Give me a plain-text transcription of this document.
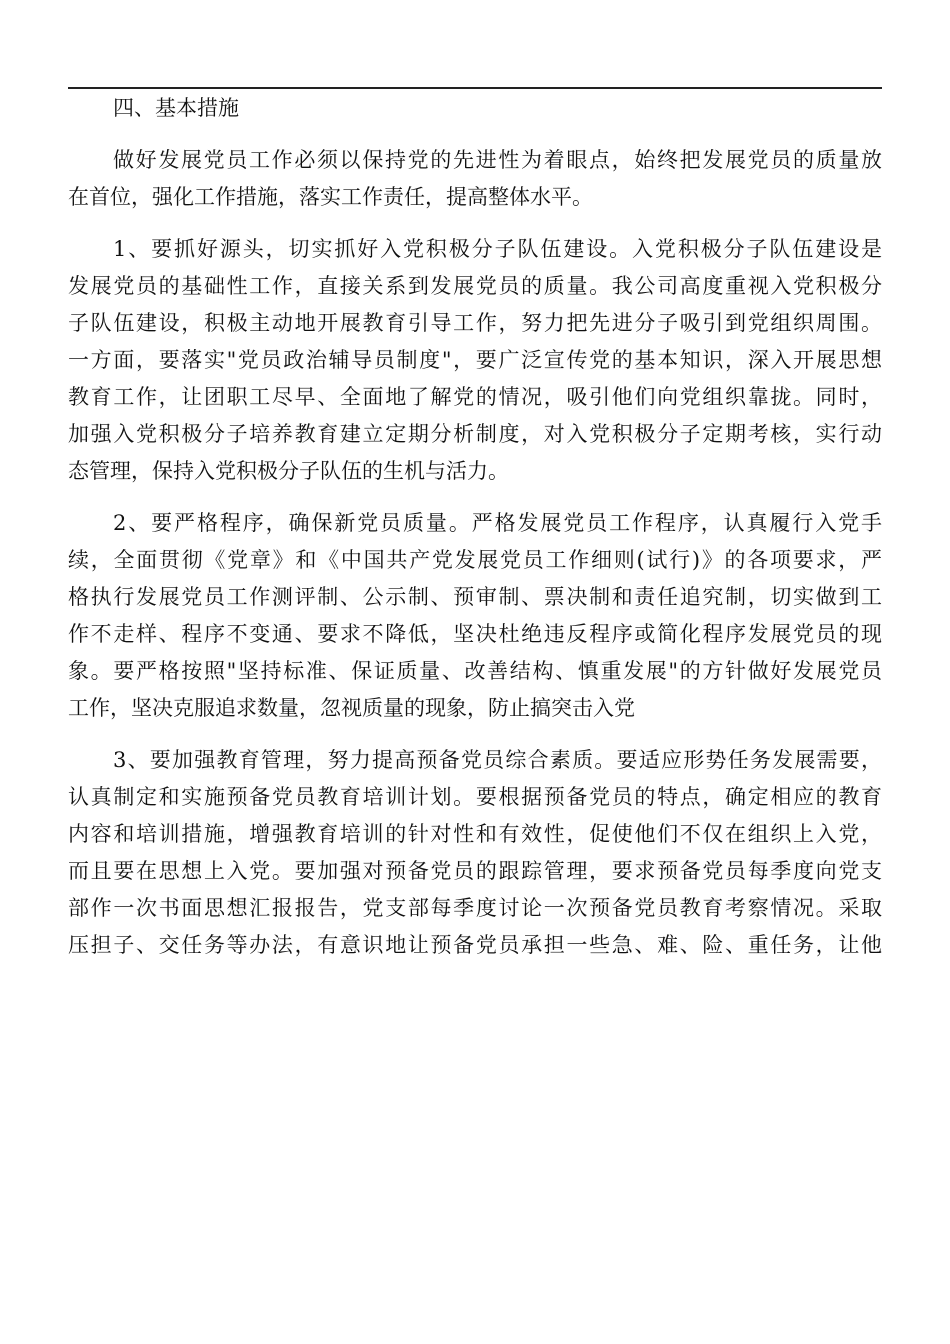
四、基本措施
做好发展党员工作必须以保持党的先进性为着眼点，始终把发展党员的质量放
在首位，强化工作措施，落实工作责任，提高整体水平。
1、要抓好源头，切实抓好入党积极分子队伍建设。入党积极分子队伍建设是
发展党员的基础性工作，直接关系到发展党员的质量。我公司高度重视入党积极分
子队伍建设，积极主动地开展教育引导工作，努力把先进分子吸引到党组织周围。
一方面，要落实"党员政治辅导员制度"，要广泛宣传党的基本知识，深入开展思想
教育工作，让团职工尽早、全面地了解党的情况，吸引他们向党组织靠拢。同时，
加强入党积极分子培养教育建立定期分析制度，对入党积极分子定期考核，实行动
态管理，保持入党积极分子队伍的生机与活力。
2、要严格程序，确保新党员质量。严格发展党员工作程序，认真履行入党手
续，全面贯彻《党章》和《中国共产党发展党员工作细则(试行)》的各项要求，严
格执行发展党员工作测评制、公示制、预审制、票决制和责任追究制，切实做到工
作不走样、程序不变通、要求不降低，坚决杜绝违反程序或简化程序发展党员的现
象。要严格按照"坚持标准、保证质量、改善结构、慎重发展"的方针做好发展党员
工作，坚决克服追求数量，忽视质量的现象，防止搞突击入党
3、要加强教育管理，努力提高预备党员综合素质。要适应形势任务发展需要，
认真制定和实施预备党员教育培训计划。要根据预备党员的特点，确定相应的教育
内容和培训措施，增强教育培训的针对性和有效性，促使他们不仅在组织上入党，
而且要在思想上入党。要加强对预备党员的跟踪管理，要求预备党员每季度向党支
部作一次书面思想汇报报告，党支部每季度讨论一次预备党员教育考察情况。采取
压担子、交任务等办法，有意识地让预备党员承担一些急、难、险、重任务，让他
